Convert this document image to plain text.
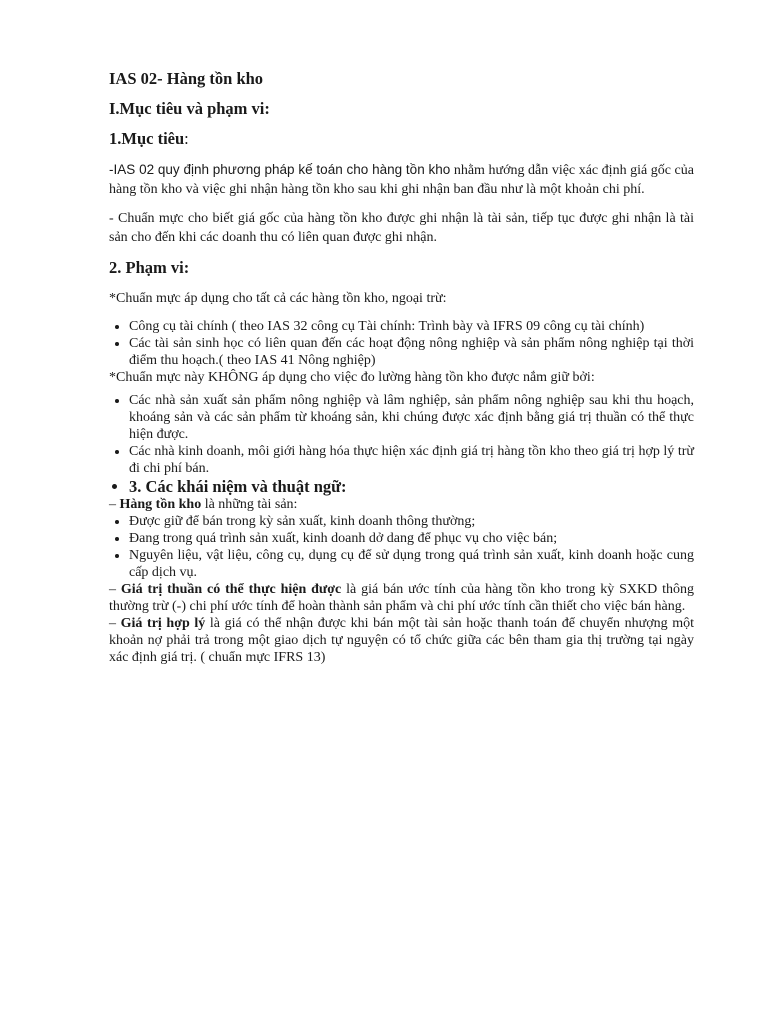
IAS 02- Hàng tồn kho
I.Mục tiêu và phạm vi:
1.Mục tiêu:

-IAS 02 quy định phương pháp kế toán cho hàng tồn kho nhằm hướng dẫn việc xác định giá gốc của hàng tồn kho và việc ghi nhận hàng tồn kho sau khi ghi nhận ban đầu như là một khoản chi phí.

- Chuẩn mực cho biết giá gốc của hàng tồn kho được ghi nhận là tài sản, tiếp tục được ghi nhận là tài sản cho đến khi các doanh thu có liên quan được ghi nhận.

2. Phạm vi:

*Chuẩn mực áp dụng cho tất cả các hàng tồn kho, ngoại trừ:

• Công cụ tài chính ( theo IAS 32 công cụ Tài chính: Trình bày và IFRS 09 công cụ tài chính)
• Các tài sản sinh học có liên quan đến các hoạt động nông nghiệp và sản phẩm nông nghiệp tại thời điểm thu hoạch.( theo IAS 41 Nông nghiệp)

*Chuẩn mực này KHÔNG áp dụng cho việc đo lường hàng tồn kho được nắm giữ bởi:

• Các nhà sản xuất sản phẩm nông nghiệp và lâm nghiệp, sản phẩm nông nghiệp sau khi thu hoạch, khoáng sản và các sản phẩm từ khoáng sản, khi chúng được xác định bằng giá trị thuần có thể thực hiện được.
• Các nhà kinh doanh, môi giới hàng hóa thực hiện xác định giá trị hàng tồn kho theo giá trị hợp lý trừ đi chi phí bán.
• 3. Các khái niệm và thuật ngữ:

– Hàng tồn kho là những tài sản:

• Được giữ để bán trong kỳ sản xuất, kinh doanh thông thường;
• Đang trong quá trình sản xuất, kinh doanh dở dang để phục vụ cho việc bán;
• Nguyên liệu, vật liệu, công cụ, dụng cụ để sử dụng trong quá trình sản xuất, kinh doanh hoặc cung cấp dịch vụ.

– Giá trị thuần có thể thực hiện được là giá bán ước tính của hàng tồn kho trong kỳ SXKD thông thường trừ (-) chi phí ước tính để hoàn thành sản phẩm và chi phí ước tính cần thiết cho việc bán hàng.

– Giá trị hợp lý là giá có thể nhận được khi bán một tài sản hoặc thanh toán để chuyển nhượng một khoản nợ phải trả trong một giao dịch tự nguyện có tổ chức giữa các bên tham gia thị trường tại ngày xác định giá trị. ( chuẩn mực IFRS 13)
